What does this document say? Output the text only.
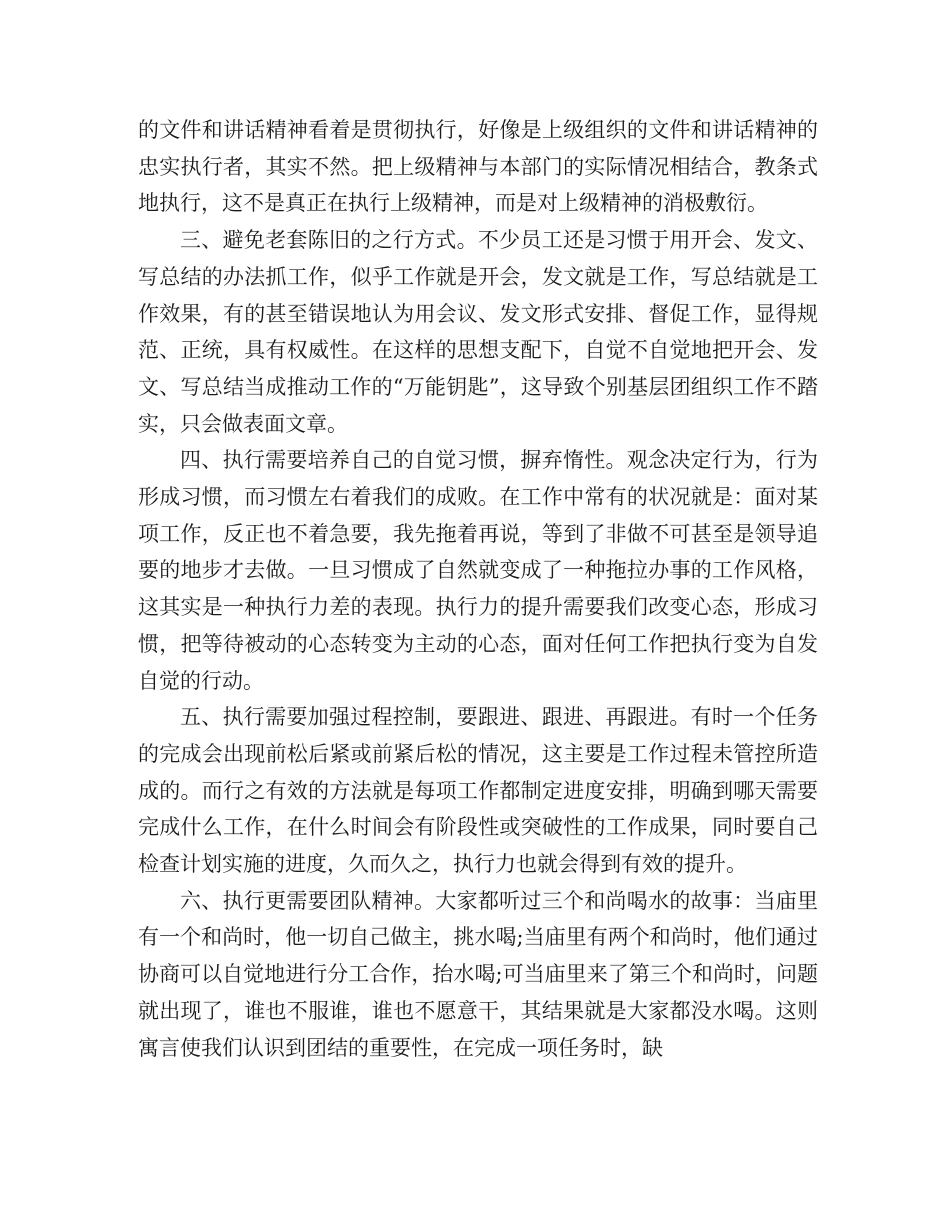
的文件和讲话精神看着是贯彻执行，好像是上级组织的文件和讲话精神的忠实执行者，其实不然。把上级精神与本部门的实际情况相结合，教条式地执行，这不是真正在执行上级精神，而是对上级精神的消极敷衍。

三、避免老套陈旧的之行方式。不少员工还是习惯于用开会、发文、写总结的办法抓工作，似乎工作就是开会，发文就是工作，写总结就是工作效果，有的甚至错误地认为用会议、发文形式安排、督促工作，显得规范、正统，具有权威性。在这样的思想支配下，自觉不自觉地把开会、发文、写总结当成推动工作的“万能钥匙”，这导致个别基层团组织工作不踏实，只会做表面文章。

四、执行需要培养自己的自觉习惯，摒弃惰性。观念决定行为，行为形成习惯，而习惯左右着我们的成败。在工作中常有的状况就是：面对某项工作，反正也不着急要，我先拖着再说，等到了非做不可甚至是领导追要的地步才去做。一旦习惯成了自然就变成了一种拖拉办事的工作风格，这其实是一种执行力差的表现。执行力的提升需要我们改变心态，形成习惯，把等待被动的心态转变为主动的心态，面对任何工作把执行变为自发自觉的行动。

五、执行需要加强过程控制，要跟进、跟进、再跟进。有时一个任务的完成会出现前松后紧或前紧后松的情况，这主要是工作过程未管控所造成的。而行之有效的方法就是每项工作都制定进度安排，明确到哪天需要完成什么工作，在什么时间会有阶段性或突破性的工作成果，同时要自己检查计划实施的进度，久而久之，执行力也就会得到有效的提升。

六、执行更需要团队精神。大家都听过三个和尚喝水的故事：当庙里有一个和尚时，他一切自己做主，挑水喝;当庙里有两个和尚时，他们通过协商可以自觉地进行分工合作，抬水喝;可当庙里来了第三个和尚时，问题就出现了，谁也不服谁，谁也不愿意干，其结果就是大家都没水喝。这则寓言使我们认识到团结的重要性，在完成一项任务时，缺
